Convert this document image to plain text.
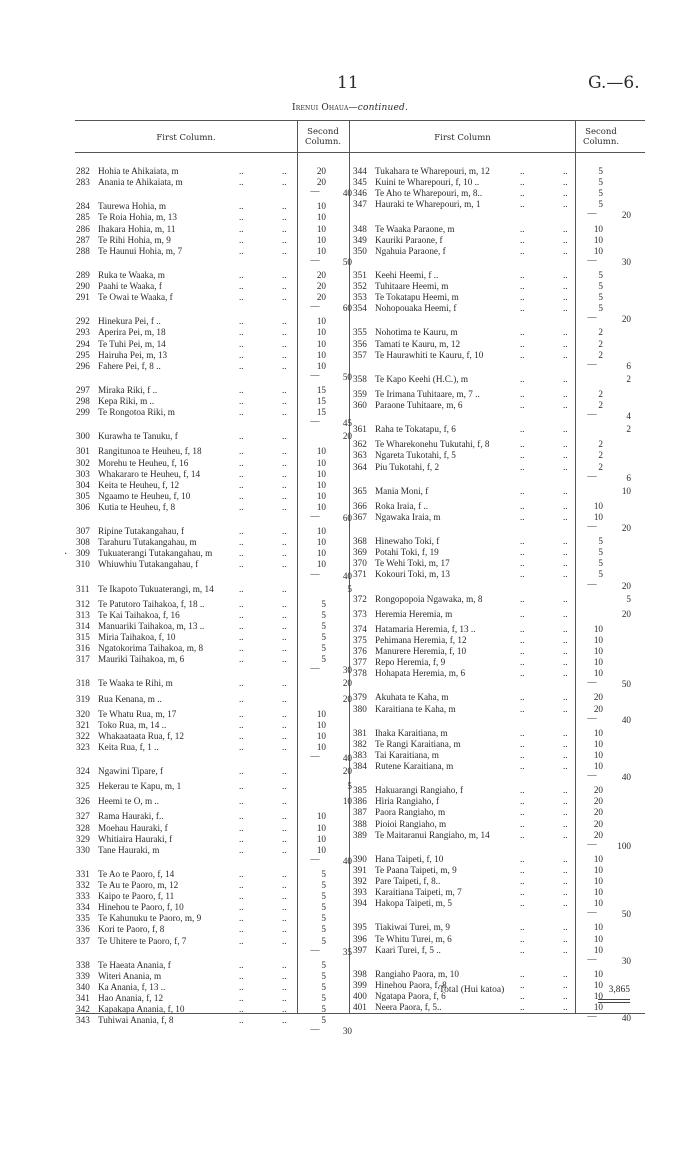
11	G.—6.
Irenui Ohaua—continued.
First Column.
Second Column.	First Column
Second Column.
282 Hohia te Ahikaiata, m	..	..	20
283 Anania te Ahikaiata, m	..	..	20
—	40
284 Taurewa Hohia, m	..	..	10
285 Te Roia Hohia, m, 13	..	..	10
286 Ihakara Hohia, m, 11	..	..	10
287 Te Rihi Hohia, m, 9	..	..	10
288 Te Haunui Hohia, m, 7	..	..	10
—	50
289 Ruka te Waaka, m	..	..	20
290 Paahi te Waaka, f	..	..	20
291 Te Owai te Waaka, f	..	..	20
—	60
292 Hinekura Pei, f ..	..	..	10
293 Aperira Pei, m, 18	..	..	10
294 Te Tuhi Pei, m, 14	..	..	10
295 Hairuha Pei, m, 13	..	..	10
296 Fahere Pei, f, 8 ..	..	..	10
—	50
297 Miraka Riki, f ..	..	..	15
298 Kepa Riki, m ..	..	..	15
299 Te Rongotoa Riki, m	..	..	15
—	45
300 Kurawha te Tanuku, f	..	..	20
301 Rangitunoa te Heuheu, f, 18	..	..	10
302 Morehu te Heuheu, f, 16	..	..	10
303 Whakararo te Heuheu, f, 14	..	..	10
304 Keita te Heuheu, f, 12	..	..	10
305 Ngaamo te Heuheu, f, 10	..	..	10
306 Kutia te Heuheu, f, 8	..	..	10
—	60
307 Ripine Tutakangahau, f	..	..	10
308 Tarahuru Tutakangahau, m	..	..	10
309 Tukuaterangi Tutakangahau, m	..	..	10
310 Whiuwhiu Tutakangahau, f	..	..	10
—	40
311 Te Ikapoto Tukuaterangi, m, 14	..	..	5
312 Te Patutoro Taihakoa, f, 18 ..	..	..	5
313 Te Kai Taihakoa, f, 16	..	..	5
314 Manuariki Taihakoa, m, 13 ..	..	..	5
315 Miria Taihakoa, f, 10	..	..	5
316 Ngatokorima Taihakoa, m, 8	..	..	5
317 Mauriki Taihakoa, m, 6	..	..	5
—	30
318 Te Waaka te Rihi, m	..	..	20
319 Rua Kenana, m ..	..	..	20
320 Te Whatu Rua, m, 17	..	..	10
321 Toko Rua, m, 14 ..	..	..	10
322 Whakaataata Rua, f, 12	..	..	10
323 Keita Rua, f, 1 ..	..	..	10
—	40
324 Ngawini Tipare, f	..	..	20
325 Hekerau te Kapu, m, 1	..	..	5
326 Heemi te O, m ..	..	..	10
327 Rama Hauraki, f..	..	..	10
328 Moehau Hauraki, f	..	..	10
329 Whitiaira Hauraki, f	..	..	10
330 Tane Hauraki, m	..	..	10
—	40
331 Te Ao te Paoro, f, 14	..	..	5
332 Te Au te Paoro, m, 12	..	..	5
333 Kaipo te Paoro, f, 11	..	..	5
334 Hinehou te Paoro, f, 10	..	..	5
335 Te Kahunuku te Paoro, m, 9	..	..	5
336 Kori te Paoro, f, 8	..	..	5
337 Te Uhitere te Paoro, f, 7	..	..	5
—	35
338 Te Haeata Anania, f	..	..	5
339 Witeri Anania, m	..	..	5
340 Ka Anania, f, 13 ..	..	..	5
341 Hao Anania, f, 12	..	..	5
342 Kapakapa Anania, f, 10	..	..	5
343 Tuhiwai Anania, f, 8	..	..	5
—	30
344 Tukahara te Wharepouri, m, 12	..	..	5
345 Kuini te Wharepouri, f, 10 ..	..	..	5
346 Te Aho te Wharepouri, m, 8..	..	..	5
347 Hauraki te Wharepouri, m, 1	..	..	5
—	20
348 Te Waaka Paraone, m	..	..	10
349 Kauriki Paraone, f	..	..	10
350 Ngahuia Paraone, f	..	..	10
—	30
351 Keehi Heemi, f ..	..	..	5
352 Tuhitaare Heemi, m	..	..	5
353 Te Tokatapu Heemi, m	..	..	5
354 Nohopouaka Heemi, f	..	..	5
—	20
355 Nohotima te Kauru, m	..	..	2
356 Tamati te Kauru, m, 12	..	..	2
357 Te Haurawhiti te Kauru, f, 10	..	..	2
—	6
358 Te Kapo Keehi (H.C.), m	..	..	2
359 Te Irimana Tuhitaare, m, 7 ..	..	..	2
360 Paraone Tuhitaare, m, 6	..	..	2
—	4
361 Raha te Tokatapu, f, 6	..	..	2
362 Te Wharekonehu Tukutahi, f, 8	..	..	2
363 Ngareta Tukotahi, f, 5	..	..	2
364 Piu Tukotahi, f, 2	..	..	2
—	6
365 Mania Moni, f	..	..	10
366 Roka Iraia, f ..	..	..	10
367 Ngawaka Iraia, m	..	..	10
—	20
368 Hinewaho Toki, f	..	..	5
369 Potahi Toki, f, 19	..	..	5
370 Te Wehi Toki, m, 17	..	..	5
371 Kokouri Toki, m, 13	..	..	5
—	20
372 Rongopopoia Ngawaka, m, 8	..	..	5
373 Heremia Heremia, m	..	..	20
374 Hatamaria Heremia, f, 13 ..	..	..	10
375 Pehimana Heremia, f, 12	..	..	10
376 Manurere Heremia, f, 10	..	..	10
377 Repo Heremia, f, 9	..	..	10
378 Hohapata Heremia, m, 6	..	..	10
—	50
379 Akuhata te Kaha, m	..	..	20
380 Karaitiana te Kaha, m	..	..	20
—	40
381 Ihaka Karaitiana, m	..	..	10
382 Te Rangi Karaitiana, m	..	..	10
383 Tai Karaitiana, m	..	..	10
384 Rutene Karaitiana, m	..	..	10
—	40
385 Hakuarangi Rangiaho, f	..	..	20
386 Hiria Rangiaho, f	..	..	20
387 Paora Rangiaho, m	..	..	20
388 Pioioi Rangiaho, m	..	..	20
389 Te Maitaranui Rangiaho, m, 14	..	..	20
—	100
390 Hana Taipeti, f, 10	..	..	10
391 Te Paana Taipeti, m, 9	..	..	10
392 Pare Taipeti, f, 8..	..	..	10
393 Karaitiana Taipeti, m, 7	..	..	10
394 Hakopa Taipeti, m, 5	..	..	10
—	50
395 Tiakiwai Turei, m, 9	..	..	10
396 Te Whitu Turei, m, 6	..	..	10
397 Kaari Turei, f, 5 ..	..	..	10
—	30
398 Rangiaho Paora, m, 10	..	..	10
399 Hinehou Paora, f, 8	..	..	10
400 Ngatapa Paora, f, 6	..	..	10
401 Neera Paora, f, 5..	..	..	10
—	40
.
Total (Hui katoa)	3,865
